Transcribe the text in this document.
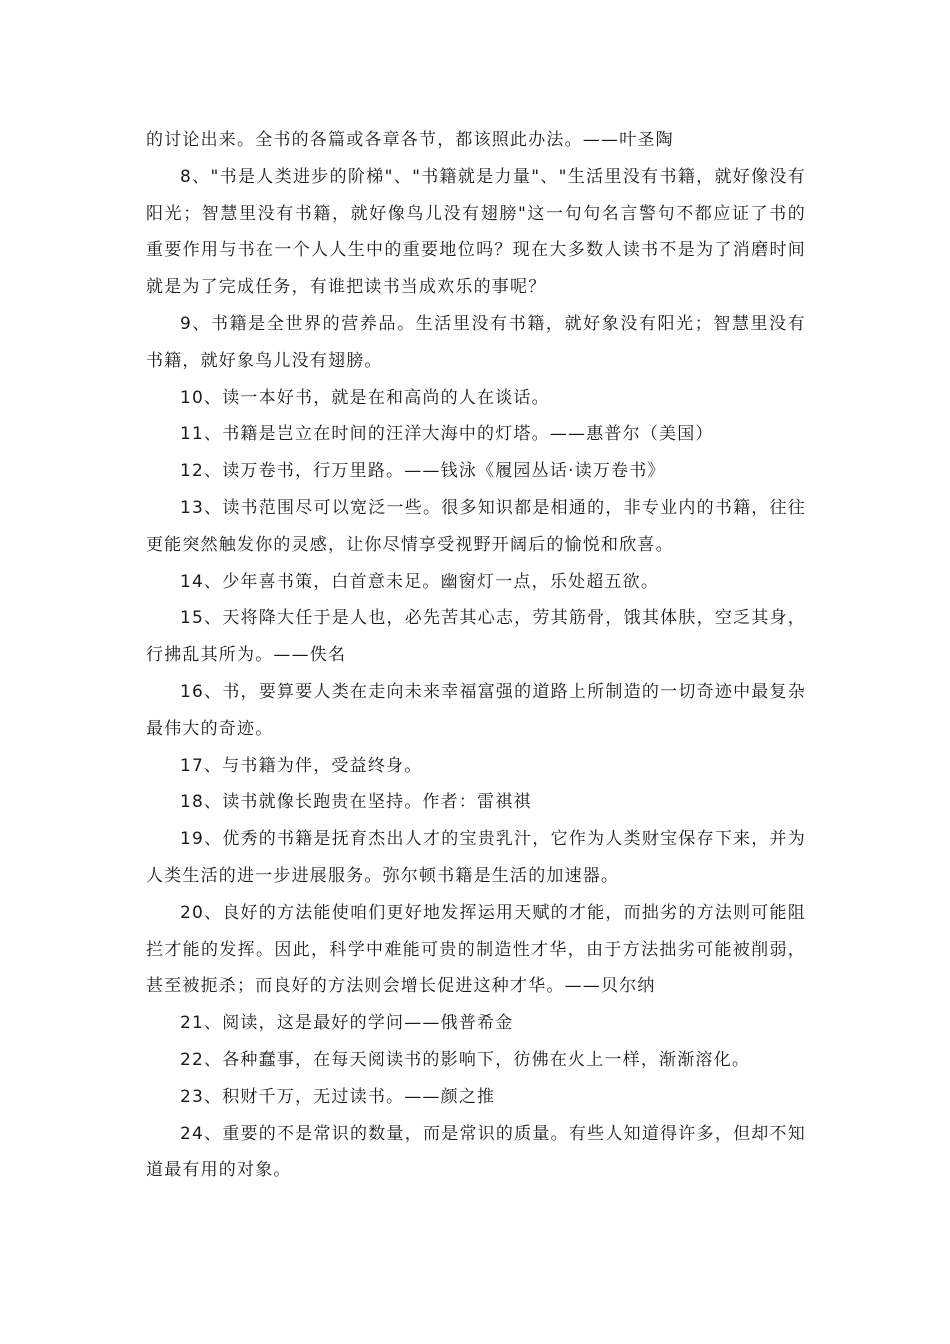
的讨论出来。全书的各篇或各章各节，都该照此办法。——叶圣陶

8、"书是人类进步的阶梯"、"书籍就是力量"、"生活里没有书籍，就好像没有阳光；智慧里没有书籍，就好像鸟儿没有翅膀"这一句句名言警句不都应证了书的重要作用与书在一个人人生中的重要地位吗？现在大多数人读书不是为了消磨时间就是为了完成任务，有谁把读书当成欢乐的事呢？

9、书籍是全世界的营养品。生活里没有书籍，就好象没有阳光；智慧里没有书籍，就好象鸟儿没有翅膀。

10、读一本好书，就是在和高尚的人在谈话。

11、书籍是岂立在时间的汪洋大海中的灯塔。——惠普尔（美国）

12、读万卷书，行万里路。——钱泳《履园丛话·读万卷书》

13、读书范围尽可以宽泛一些。很多知识都是相通的，非专业内的书籍，往往更能突然触发你的灵感，让你尽情享受视野开阔后的愉悦和欣喜。

14、少年喜书策，白首意未足。幽窗灯一点，乐处超五欲。

15、天将降大任于是人也，必先苦其心志，劳其筋骨，饿其体肤，空乏其身，行拂乱其所为。——佚名

16、书，要算要人类在走向未来幸福富强的道路上所制造的一切奇迹中最复杂最伟大的奇迹。

17、与书籍为伴，受益终身。

18、读书就像长跑贵在坚持。作者：雷祺祺

19、优秀的书籍是抚育杰出人才的宝贵乳汁，它作为人类财宝保存下来，并为人类生活的进一步进展服务。弥尔顿书籍是生活的加速器。

20、良好的方法能使咱们更好地发挥运用天赋的才能，而拙劣的方法则可能阻拦才能的发挥。因此，科学中难能可贵的制造性才华，由于方法拙劣可能被削弱，甚至被扼杀；而良好的方法则会增长促进这种才华。——贝尔纳

21、阅读，这是最好的学问——俄普希金

22、各种蠢事，在每天阅读书的影响下，彷佛在火上一样，渐渐溶化。

23、积财千万，无过读书。——颜之推

24、重要的不是常识的数量，而是常识的质量。有些人知道得许多，但却不知道最有用的对象。
